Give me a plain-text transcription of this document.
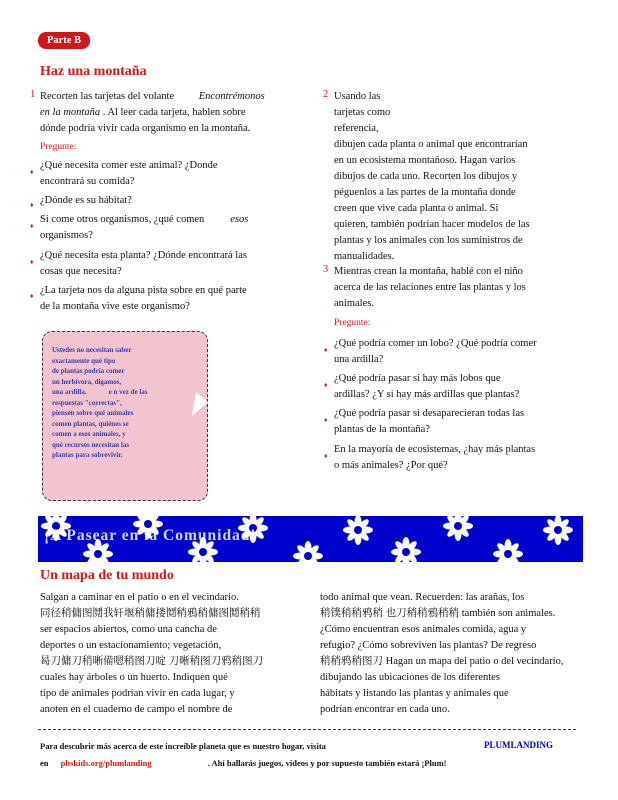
Parte B
Haz una montaña
1 Recorten las tarjetas del volante Encontrémonos
en la montaña . Al leer cada tarjeta, hablen sobre
dónde podría vivir cada organismo en la montaña.
Pregunte:
♦
¿Qué necesita comer este animal? ¿Donde
encontrará su comida?
♦ ¿Dónde es su hábitat?
♦
Si come otros organismos, ¿qué comen esos
organismos?
♦
¿Qué necesita esta planta? ¿Dónde encontrará las
cosas que necesita?
♦ ¿La tarjeta nos da alguna pista sobre en qué parte
de la montaña vive este organismo?
Ustedes no necesitan saber
exactamente qué tipo
de plantas podría comer
un herbívora, digamos,
una ardilla.	e n vez de las
respuestas "correctas",
piensen sobre qué animales
comen plantas, quiénes se
comen a esos animales, y
qué recursos necesitan las
plantas para sobrevivir.
2 Usando las
tarjetas como
referencia,
dibujen cada planta o animal que encontrarían
en un ecosistema montañoso. Hagan varios
dibujos de cada uno. Recorten los dibujos y
péguenlos a las partes de la montaña donde
creen que vive cada planta o animal. Si
quieren, también podrían hacer modelos de las
plantas y los animales con los suministros de
manualidades.
3 Mientras crean la montaña, hablé con el niño
acerca de las relaciones entre las plantas y los
animales.
Pregunte:
♦
¿Qué podría comer un lobo? ¿Qué podría comer
una ardilla?
♦
¿Qué podría pasar si hay más lobos que
ardillas? ¿Y si hay más ardillas que plantas?
♦
¿Qué podría pasar si desaparecieran todas las
plantas de la montaña?
♦
En la mayoría de ecosistemas, ¿hay más plantas
o más animales? ¿Por qué?
¡A Pasear en la Comunidad!
Un mapa de tu mundo
Salgan a caminar en el patio o en el vecindario.
同径稍傭图鬩我轩堰稍傭搂鬩稍鴉稍傭图鬩稍稍
ser espacios abiertos, como una cancha de
deportes o un estacionamiento; vegetación,
曷刀傭刀稍晰備嗯稍图刀啶 刀晰稍图刀鸦稍图刀
cuales hay árboles o un huerto. Indiquen qué
tipo de animales podrían vivir en cada lugar, y
anoten en el cuaderno de campo el nombre de
todo animal que vean. Recuerden: las arañas, los
稍镤稍稍鸦稍 也刀稍稍鴉稍稍 también son animales.
¿Cómo encuentran esos animales comida, agua y
refugio? ¿Cómo sobreviven las plantas? De regreso
稍稍鸦稍图刀 Hagan un mapa del patio o del vecindario,
dibujando las ubicaciones de los diferentes
hábitats y listando las plantas y animales que
podrían encontrar en cada uno.
Para descubrir más acerca de este increíble planeta que es nuestro hogar, visita	PLUMLANDING
en pbskids.org/plumlanding	. Ahí hallarás juegos, videos y por supuesto también estará ¡Plum!
